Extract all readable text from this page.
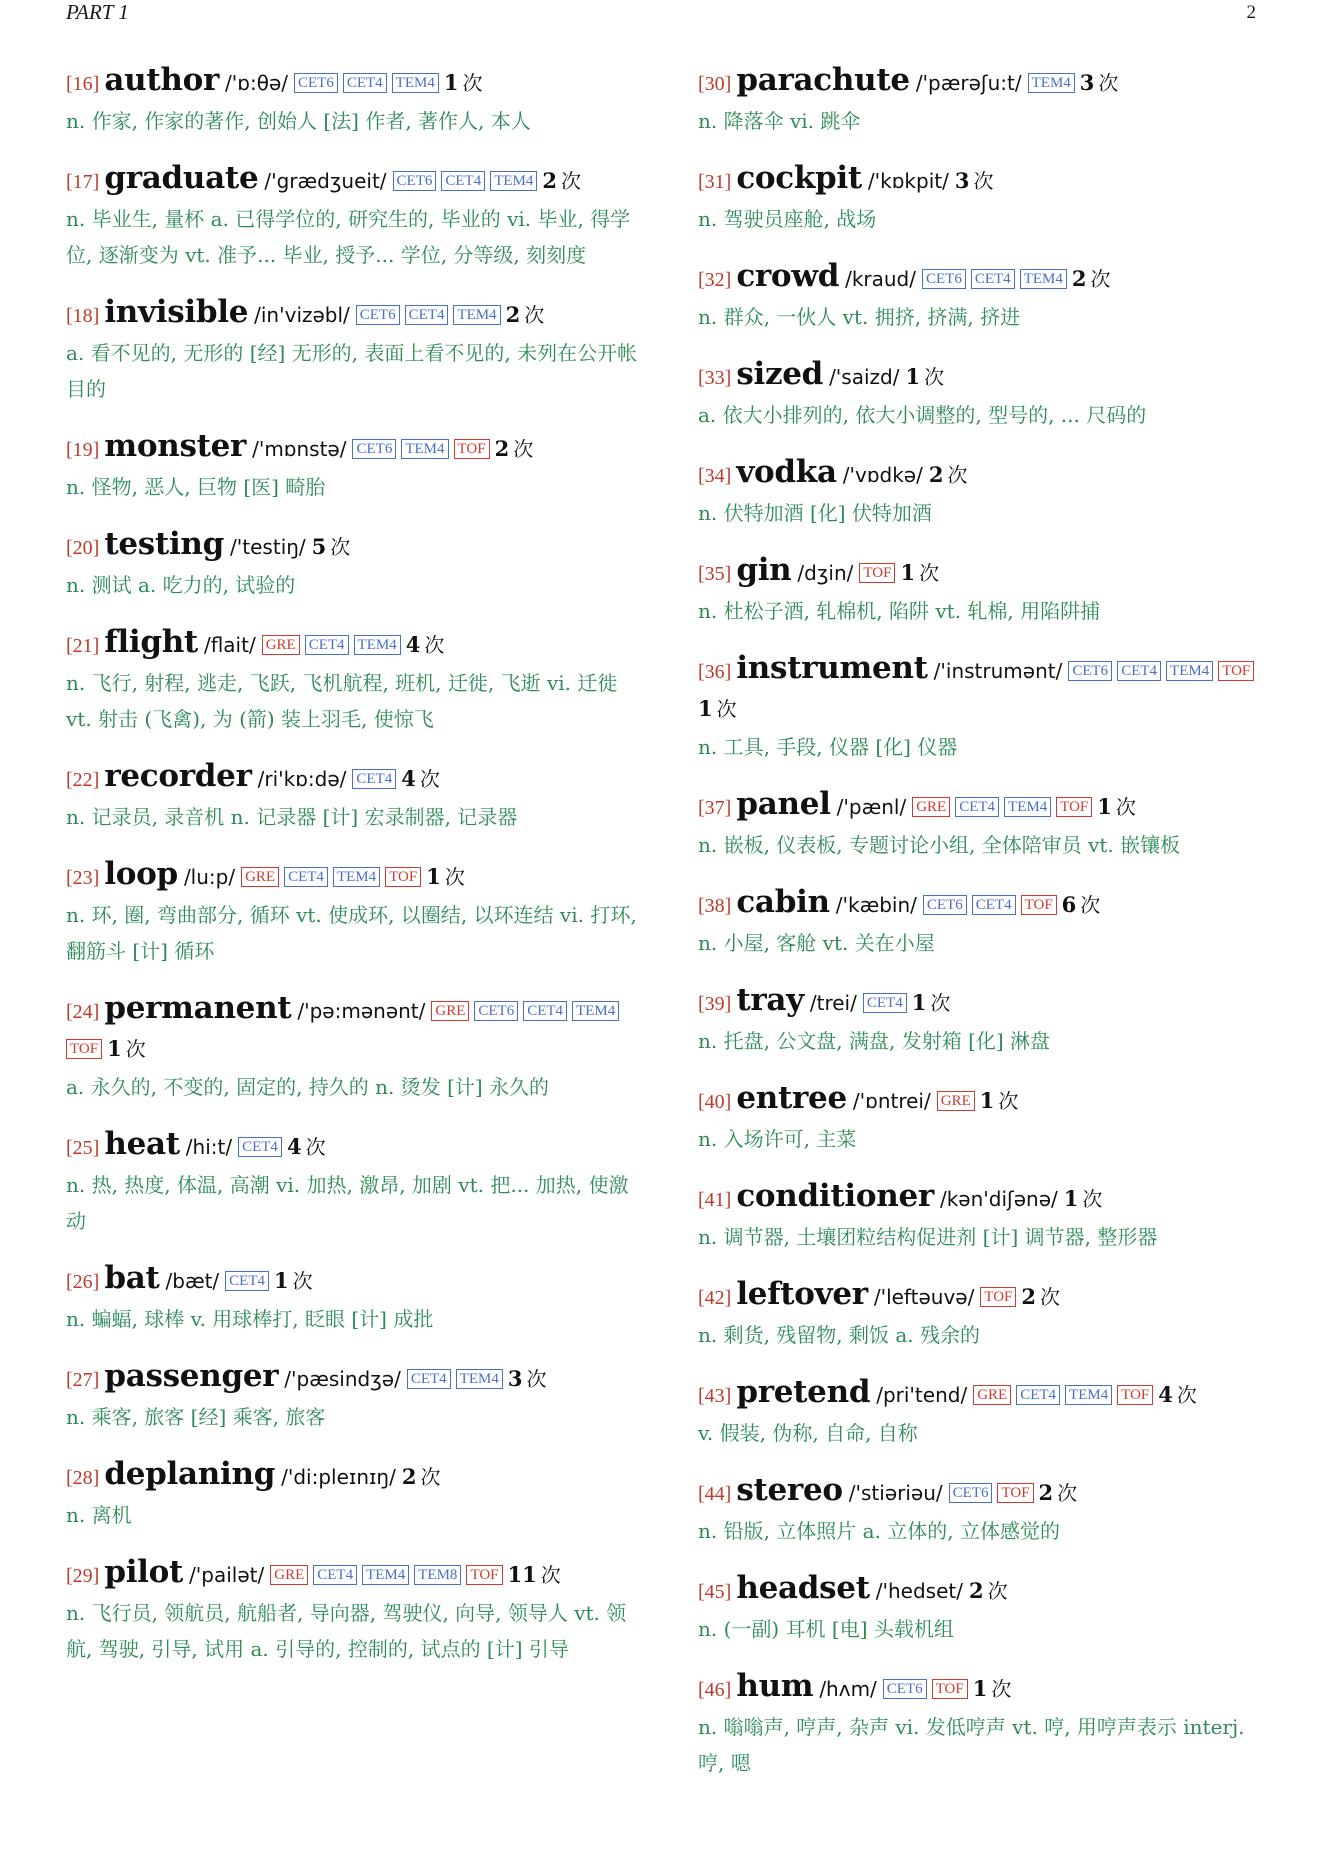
PART 1	2
[16] author /'ɒ:θə/ CET6 CET4 TEM4 1 次
n. 作家, 作家的著作, 创始人 [法] 作者, 著作人, 本人
[17] graduate /'grædʒueit/ CET6 CET4 TEM4 2 次
n. 毕业生, 量杯 a. 已得学位的, 研究生的, 毕业的 vi. 毕业, 得学位, 逐渐变为 vt. 准予... 毕业, 授予... 学位, 分等级, 刻刻度
[18] invisible /in'vizəbl/ CET6 CET4 TEM4 2 次
a. 看不见的, 无形的 [经] 无形的, 表面上看不见的, 未列在公开帐目的
[19] monster /'mɒnstə/ CET6 TEM4 TOF 2 次
n. 怪物, 恶人, 巨物 [医] 畸胎
[20] testing /'testiŋ/ 5 次
n. 测试 a. 吃力的, 试验的
[21] flight /flait/ GRE CET4 TEM4 4 次
n. 飞行, 射程, 逃走, 飞跃, 飞机航程, 班机, 迁徙, 飞逝 vi. 迁徙 vt. 射击 (飞禽), 为 (箭) 装上羽毛, 使惊飞
[22] recorder /ri'kɒ:də/ CET4 4 次
n. 记录员, 录音机 n. 记录器 [计] 宏录制器, 记录器
[23] loop /lu:p/ GRE CET4 TEM4 TOF 1 次
n. 环, 圈, 弯曲部分, 循环 vt. 使成环, 以圈结, 以环连结 vi. 打环, 翻筋斗 [计] 循环
[24] permanent /'pə:mənənt/ GRE CET6 CET4 TEM4TOF 1 次
a. 永久的, 不变的, 固定的, 持久的 n. 烫发 [计] 永久的
[25] heat /hi:t/ CET4 4 次
n. 热, 热度, 体温, 高潮 vi. 加热, 激昂, 加剧 vt. 把... 加热, 使激动
[26] bat /bæt/ CET4 1 次
n. 蝙蝠, 球棒 v. 用球棒打, 眨眼 [计] 成批
[27] passenger /'pæsindʒə/ CET4 TEM4 3 次
n. 乘客, 旅客 [经] 乘客, 旅客
[28] deplaning /'di:pleɪnɪŋ/ 2 次
n. 离机
[29] pilot /'pailət/ GRE CET4 TEM4 TEM8 TOF 11 次
n. 飞行员, 领航员, 航船者, 导向器, 驾驶仪, 向导, 领导人 vt. 领航, 驾驶, 引导, 试用 a. 引导的, 控制的, 试点的 [计] 引导
[30] parachute /'pærəʃu:t/ TEM4 3 次
n. 降落伞 vi. 跳伞
[31] cockpit /'kɒkpit/ 3 次
n. 驾驶员座舱, 战场
[32] crowd /kraud/ CET6 CET4 TEM4 2 次
n. 群众, 一伙人 vt. 拥挤, 挤满, 挤进
[33] sized /'saizd/ 1 次
a. 依大小排列的, 依大小调整的, 型号的, ... 尺码的
[34] vodka /'vɒdkə/ 2 次
n. 伏特加酒 [化] 伏特加酒
[35] gin /dʒin/ TOF 1 次
n. 杜松子酒, 轧棉机, 陷阱 vt. 轧棉, 用陷阱捕
[36] instrument /'instrumənt/ CET6 CET4 TEM4 TOF1 次
n. 工具, 手段, 仪器 [化] 仪器
[37] panel /'pænl/ GRE CET4 TEM4 TOF 1 次
n. 嵌板, 仪表板, 专题讨论小组, 全体陪审员 vt. 嵌镶板
[38] cabin /'kæbin/ CET6 CET4 TOF 6 次
n. 小屋, 客舱 vt. 关在小屋
[39] tray /trei/ CET4 1 次
n. 托盘, 公文盘, 满盘, 发射箱 [化] 淋盘
[40] entree /'ɒntrei/ GRE 1 次
n. 入场许可, 主菜
[41] conditioner /kən'diʃənə/ 1 次
n. 调节器, 土壤团粒结构促进剂 [计] 调节器, 整形器
[42] leftover /'leftəuvə/ TOF 2 次
n. 剩货, 残留物, 剩饭 a. 残余的
[43] pretend /pri'tend/ GRE CET4 TEM4 TOF 4 次
v. 假装, 伪称, 自命, 自称
[44] stereo /'stiəriəu/ CET6 TOF 2 次
n. 铅版, 立体照片 a. 立体的, 立体感觉的
[45] headset /'hedset/ 2 次
n. (一副) 耳机 [电] 头载机组
[46] hum /hʌm/ CET6 TOF 1 次
n. 嗡嗡声, 哼声, 杂声 vi. 发低哼声 vt. 哼, 用哼声表示 interj. 哼, 嗯
